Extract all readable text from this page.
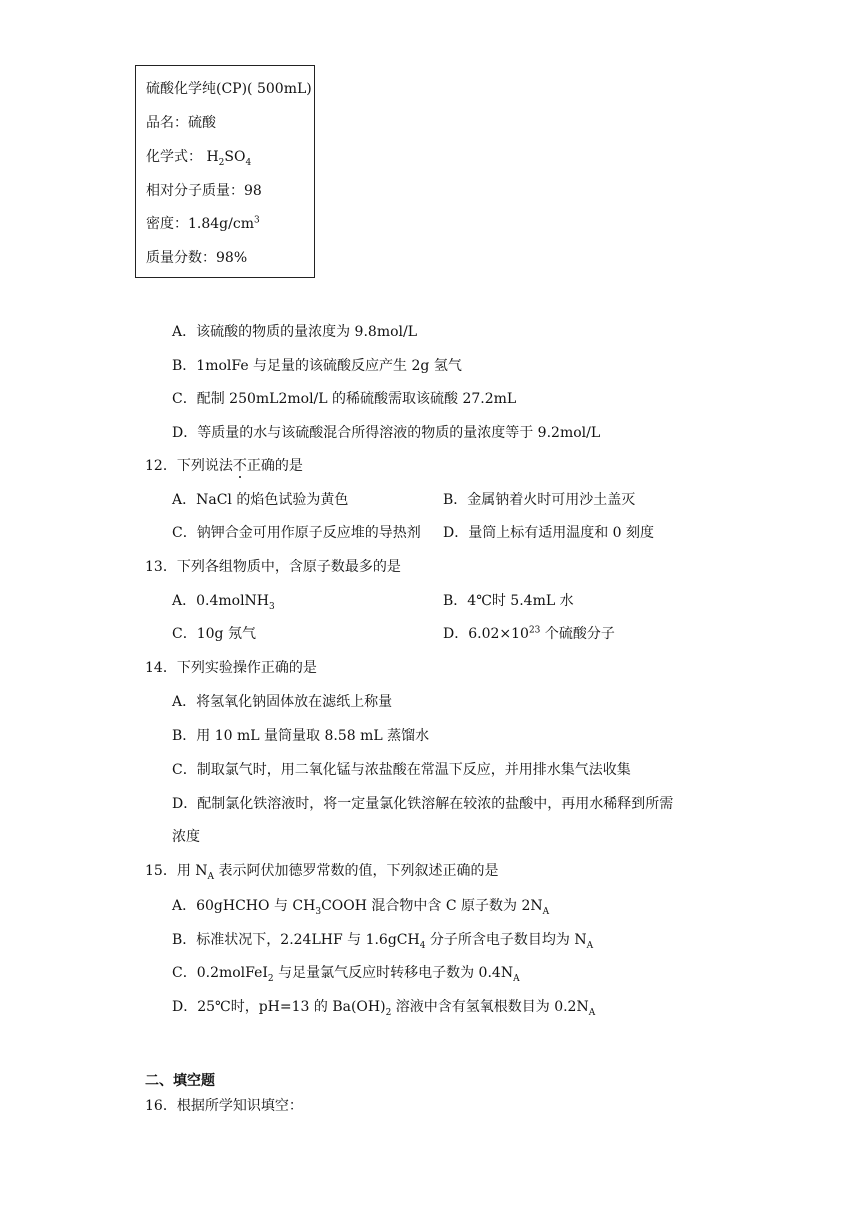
硫酸化学纯(CP)( 500mL)
品名：硫酸
化学式： $H_2SO_4$
相对分子质量：98
密度：$1.84g/cm^3$
质量分数：98%
A．该硫酸的物质的量浓度为 9.8mol/L
B．1molFe 与足量的该硫酸反应产生 2g 氢气
C．配制 250mL2mol/L 的稀硫酸需取该硫酸 27.2mL
D．等质量的水与该硫酸混合所得溶液的物质的量浓度等于 9.2mol/L
12．下列说法不正确的是
A．NaCl 的焰色试验为黄色	B．金属钠着火时可用沙土盖灭
C．钠钾合金可用作原子反应堆的导热剂 D．量筒上标有适用温度和 0 刻度
13．下列各组物质中，含原子数最多的是
A．0.4molNH$_3$	B．4℃时 5.4mL 水
C．10g 氖气	D．$6.02\times 10^{23}$ 个硫酸分子
14．下列实验操作正确的是
A．将氢氧化钠固体放在滤纸上称量
B．用 10 mL 量筒量取 8.58 mL 蒸馏水
C．制取氯气时，用二氧化锰与浓盐酸在常温下反应，并用排水集气法收集
D．配制氯化铁溶液时，将一定量氯化铁溶解在较浓的盐酸中，再用水稀释到所需
浓度
15．用 $N_A$ 表示阿伏加德罗常数的值，下列叙述正确的是
A．60gHCHO 与 $CH_3COOH$ 混合物中含 C 原子数为 $2N_A$
B．标准状况下，2.24LHF 与 1.6gCH$_4$ 分子所含电子数目均为 $N_A$
C．0.2molFeI$_2$ 与足量氯气反应时转移电子数为 $0.4N_A$
D．25℃时，pH=13 的 $Ba(OH)_2$ 溶液中含有氢氧根数目为 $0.2N_A$
二、填空题
16．根据所学知识填空：
